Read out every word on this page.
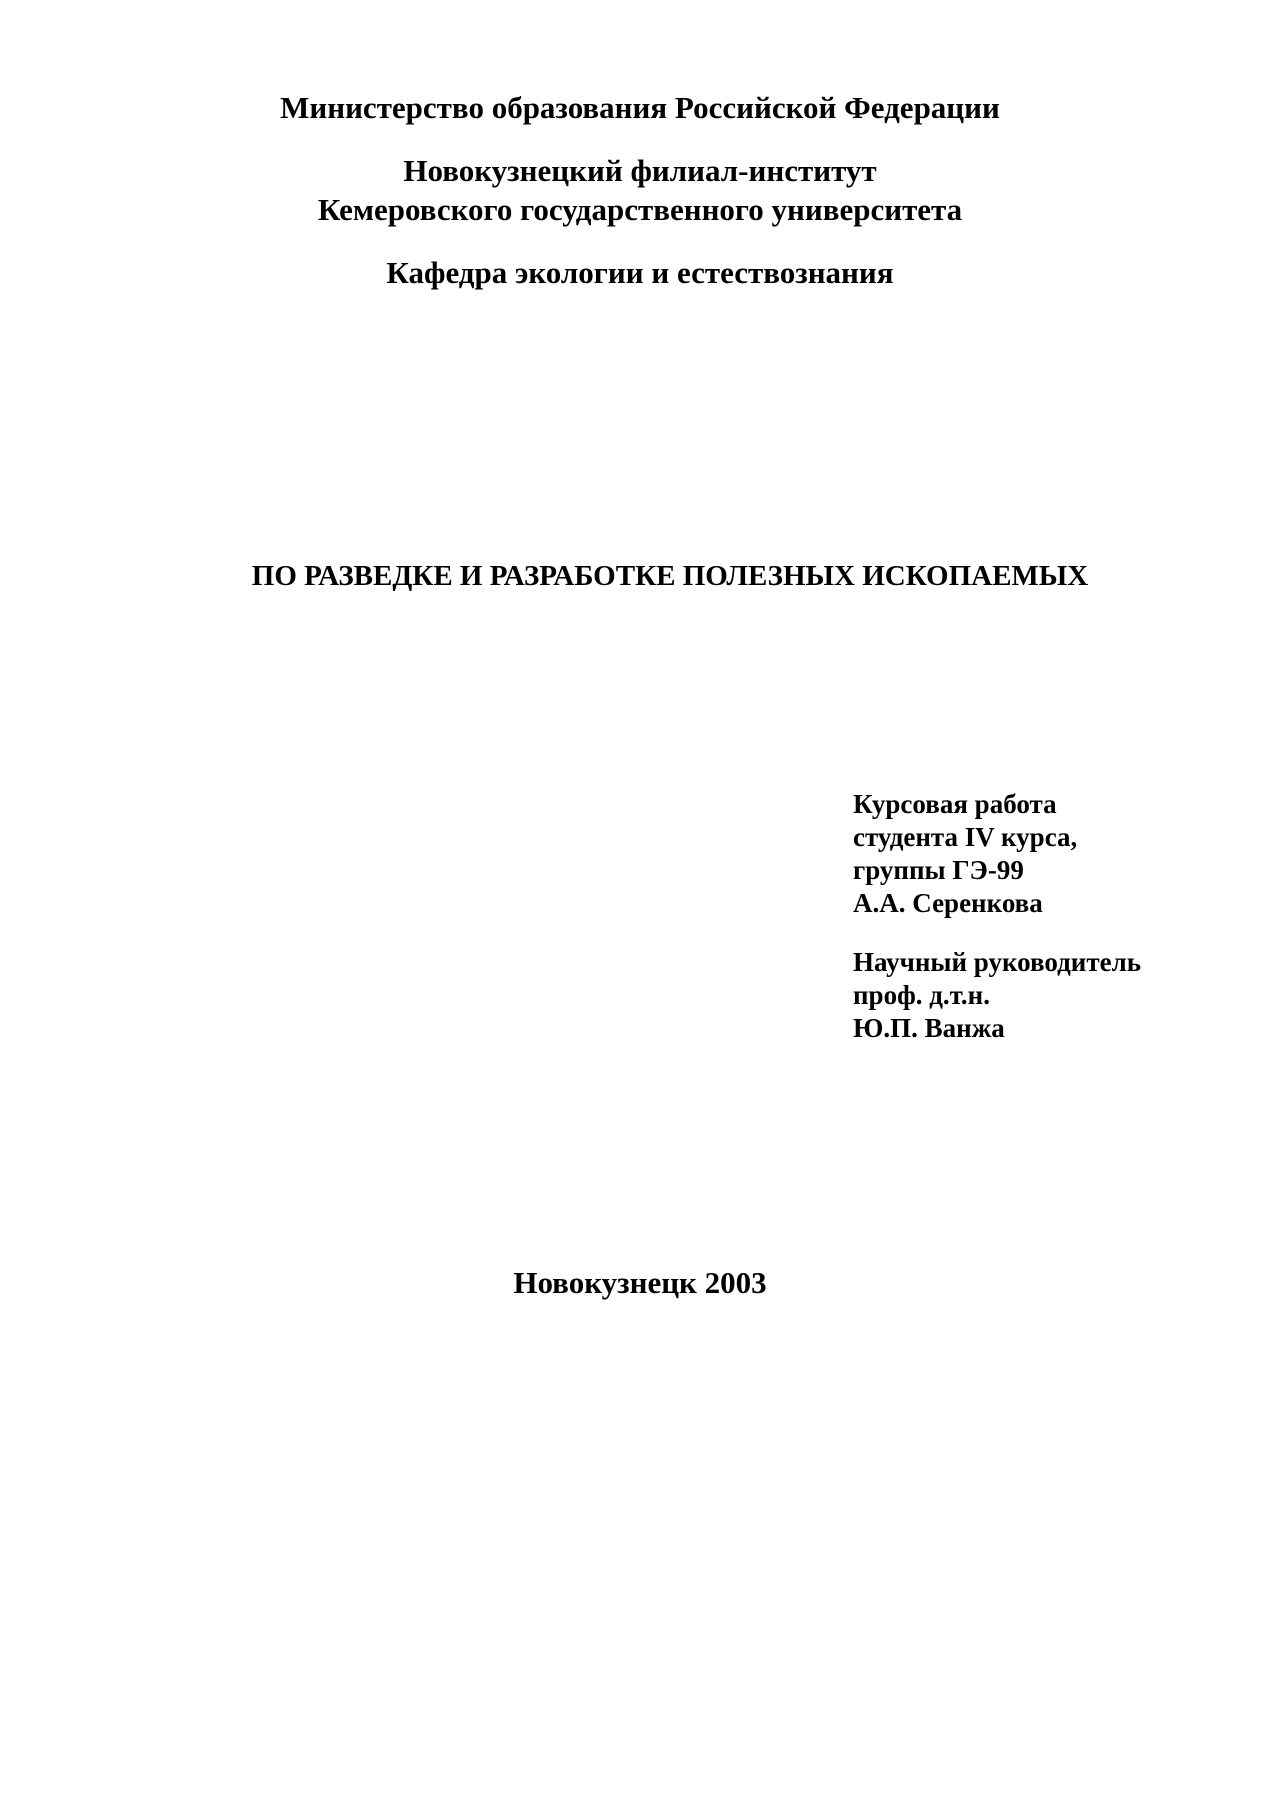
Министерство образования Российской Федерации
Новокузнецкий филиал-институт
Кемеровского государственного университета
Кафедра экологии и естествознания
ПО РАЗВЕДКЕ И РАЗРАБОТКЕ ПОЛЕЗНЫХ ИСКОПАЕМЫХ
Курсовая работа
студента IV курса,
группы ГЭ-99
А.А. Серенкова
Научный руководитель
проф. д.т.н.
Ю.П. Ванжа
Новокузнецк 2003
